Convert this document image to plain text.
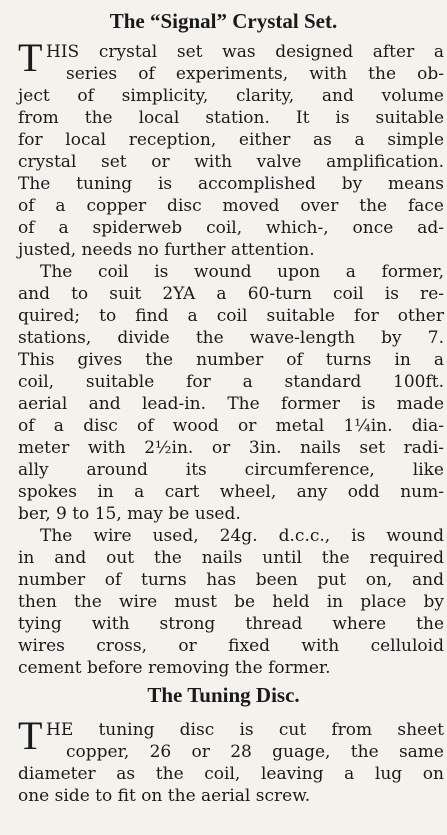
The “Signal” Crystal Set.
T HIS crystal set was designed after a
series of experiments, with the ob-
ject of simplicity, clarity, and volume
from the local station. It is suitable
for local reception, either as a simple
crystal set or with valve amplification.
The tuning is accomplished by means
of a copper disc moved over the face
of a spiderweb coil, which-, once ad-
justed, needs no further attention.
The coil is wound upon a former,
and to suit 2YA a 60-turn coil is re-
quired; to find a coil suitable for other
stations, divide the wave-length by 7.
This gives the number of turns in a
coil, suitable for a standard 100ft.
aerial and lead-in. The former is made
of a disc of wood or metal 1¼in. dia-
meter with 2½in. or 3in. nails set radi-
ally around its circumference, like
spokes in a cart wheel, any odd num-
ber, 9 to 15, may be used.
The wire used, 24g. d.c.c., is wound
in and out the nails until the required
number of turns has been put on, and
then the wire must be held in place by
tying with strong thread where the
wires cross, or fixed with celluloid
cement before removing the former.
The Tuning Disc.
T HE tuning disc is cut from sheet
copper, 26 or 28 guage, the same
diameter as the coil, leaving a lug on
one side to fit on the aerial screw.
